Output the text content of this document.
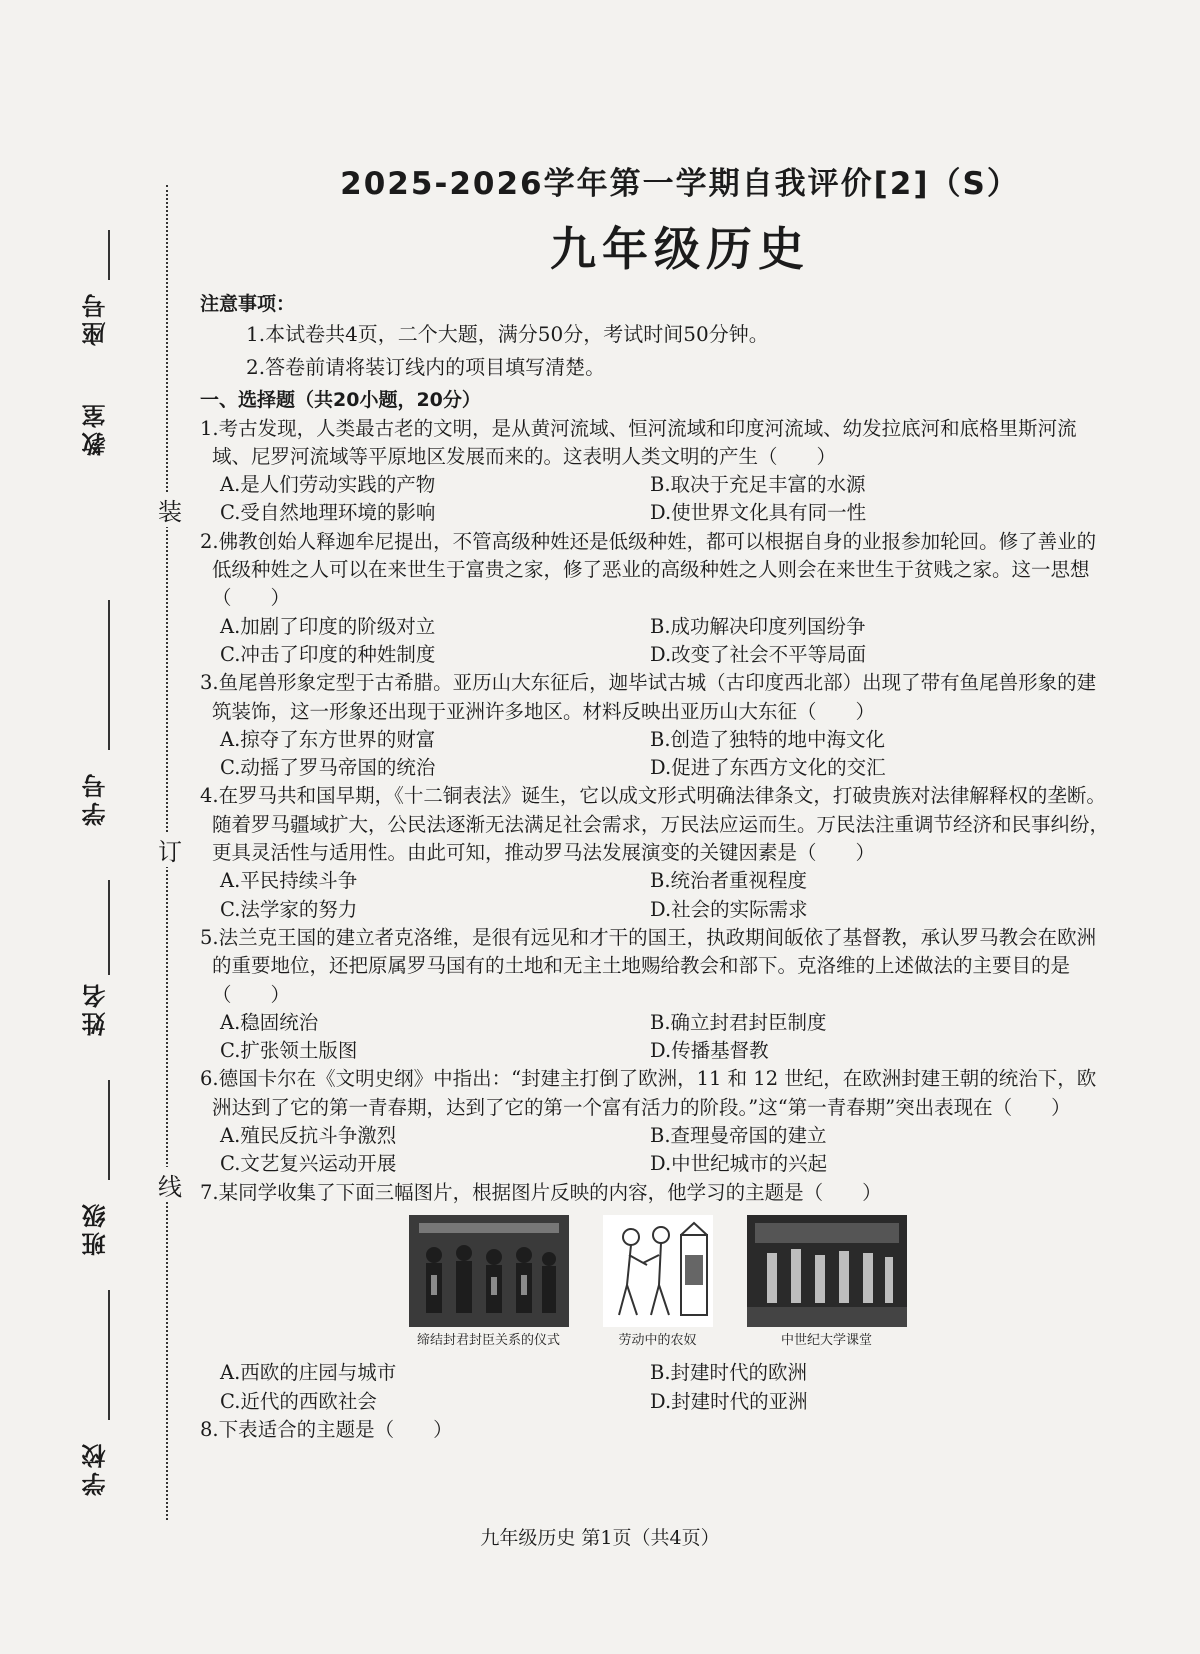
座号
教室
学号
姓名
班级
学校
装
订
线
2025-2026学年第一学期自我评价[2]（S）
九年级历史
注意事项：
1.本试卷共4页，二个大题，满分50分，考试时间50分钟。
2.答卷前请将装订线内的项目填写清楚。
一、选择题（共20小题，20分）
1.考古发现，人类最古老的文明，是从黄河流域、恒河流域和印度河流域、幼发拉底河和底格里斯河流域、尼罗河流域等平原地区发展而来的。这表明人类文明的产生（　　）
A.是人们劳动实践的产物	B.取决于充足丰富的水源
C.受自然地理环境的影响	D.使世界文化具有同一性
2.佛教创始人释迦牟尼提出，不管高级种姓还是低级种姓，都可以根据自身的业报参加轮回。修了善业的低级种姓之人可以在来世生于富贵之家，修了恶业的高级种姓之人则会在来世生于贫贱之家。这一思想（　　）
A.加剧了印度的阶级对立	B.成功解决印度列国纷争
C.冲击了印度的种姓制度	D.改变了社会不平等局面
3.鱼尾兽形象定型于古希腊。亚历山大东征后，迦毕试古城（古印度西北部）出现了带有鱼尾兽形象的建筑装饰，这一形象还出现于亚洲许多地区。材料反映出亚历山大东征（　　）
A.掠夺了东方世界的财富	B.创造了独特的地中海文化
C.动摇了罗马帝国的统治	D.促进了东西方文化的交汇
4.在罗马共和国早期，《十二铜表法》诞生，它以成文形式明确法律条文，打破贵族对法律解释权的垄断。随着罗马疆域扩大，公民法逐渐无法满足社会需求，万民法应运而生。万民法注重调节经济和民事纠纷，更具灵活性与适用性。由此可知，推动罗马法发展演变的关键因素是（　　）
A.平民持续斗争	B.统治者重视程度
C.法学家的努力	D.社会的实际需求
5.法兰克王国的建立者克洛维，是很有远见和才干的国王，执政期间皈依了基督教，承认罗马教会在欧洲的重要地位，还把原属罗马国有的土地和无主土地赐给教会和部下。克洛维的上述做法的主要目的是（　　）
A.稳固统治	B.确立封君封臣制度
C.扩张领土版图	D.传播基督教
6.德国卡尔在《文明史纲》中指出：“封建主打倒了欧洲，11 和 12 世纪，在欧洲封建王朝的统治下，欧洲达到了它的第一青春期，达到了它的第一个富有活力的阶段。”这“第一青春期”突出表现在（　　）
A.殖民反抗斗争激烈	B.查理曼帝国的建立
C.文艺复兴运动开展	D.中世纪城市的兴起
7.某同学收集了下面三幅图片，根据图片反映的内容，他学习的主题是（　　）
缔结封君封臣关系的仪式	劳动中的农奴	中世纪大学课堂
A.西欧的庄园与城市	B.封建时代的欧洲
C.近代的西欧社会	D.封建时代的亚洲
8.下表适合的主题是（　　）
九年级历史 第1页（共4页）
